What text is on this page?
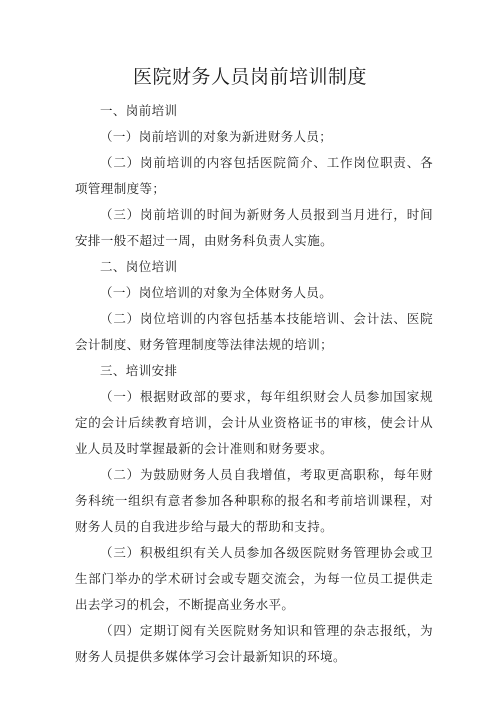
医院财务人员岗前培训制度

一、岗前培训

（一）岗前培训的对象为新进财务人员；

（二）岗前培训的内容包括医院简介、工作岗位职责、各项管理制度等；

（三）岗前培训的时间为新财务人员报到当月进行，时间安排一般不超过一周，由财务科负责人实施。

二、岗位培训

（一）岗位培训的对象为全体财务人员。

（二）岗位培训的内容包括基本技能培训、会计法、医院会计制度、财务管理制度等法律法规的培训；

三、培训安排

（一）根据财政部的要求，每年组织财会人员参加国家规定的会计后续教育培训，会计从业资格证书的审核，使会计从业人员及时掌握最新的会计准则和财务要求。

（二）为鼓励财务人员自我增值，考取更高职称，每年财务科统一组织有意者参加各种职称的报名和考前培训课程，对财务人员的自我进步给与最大的帮助和支持。

（三）积极组织有关人员参加各级医院财务管理协会或卫生部门举办的学术研讨会或专题交流会，为每一位员工提供走出去学习的机会，不断提高业务水平。

（四）定期订阅有关医院财务知识和管理的杂志报纸，为财务人员提供多媒体学习会计最新知识的环境。
